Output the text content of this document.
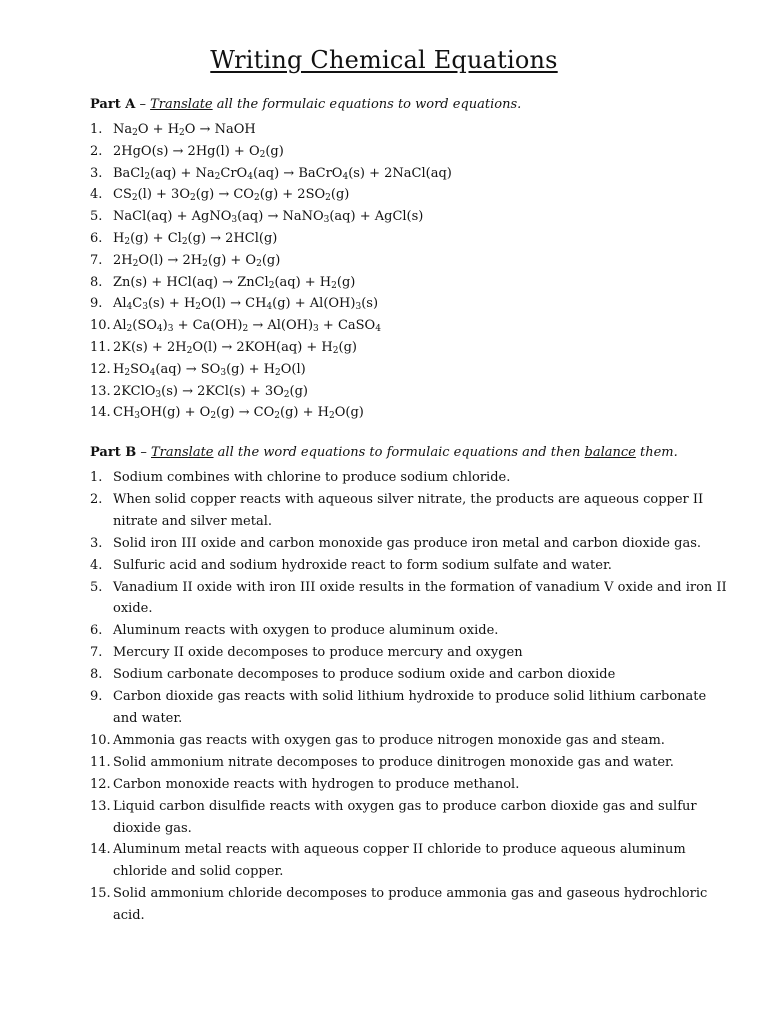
Writing Chemical Equations
Part A – Translate all the formulaic equations to word equations.
1. $Na_2O + H_2O$ → NaOH
2. $2HgO(s) \to 2Hg(l) + O_2(g)$
3. BaCl$_2$(aq) + $Na_2CrO_4(aq)$ → BaCrO$_4$(s) + 2NaCl(aq)
4. $CS_2(l) + 3O_2(g) \to CO_2(g) + 2SO_2(g)$
5. NaCl(aq) + AgNO$_3$(aq) → NaNO$_3$(aq) + AgCl(s)
6. $H_2(g) + Cl_2(g) \to 2HCl(g)$
7. $2H_2O(l) \to 2H_2(g) + O_2(g)$
8. Zn(s) + HCl(aq) → ZnCl$_2$(aq) + $H_2(g)$
9. $Al_4C_3(s) + H_2O(l) \to CH_4(g) + Al(OH)_3(s)$
10. $Al_2(SO_4)_3 + Ca(OH)_2 \to Al(OH)_3$ + CaSO$_4$
11. $2K(s) + 2H_2O(l) \to 2KOH(aq) + H_2(g)$
12. $H_2SO_4(aq) \to SO_3(g) + H_2O(l)$
13. 2KClO$_3$(s) → $2KCl(s) + 3O_2(g)$
14. $CH_3OH(g) + O_2(g) \to CO_2(g) + H_2O(g)$
Part B – Translate all the word equations to formulaic equations and then balance them.
1. Sodium combines with chlorine to produce sodium chloride.
2. When solid copper reacts with aqueous silver nitrate, the products are aqueous copper II nitrate and silver metal.
3. Solid iron III oxide and carbon monoxide gas produce iron metal and carbon dioxide gas.
4. Sulfuric acid and sodium hydroxide react to form sodium sulfate and water.
5. Vanadium II oxide with iron III oxide results in the formation of vanadium V oxide and iron II oxide.
6. Aluminum reacts with oxygen to produce aluminum oxide.
7. Mercury II oxide decomposes to produce mercury and oxygen
8. Sodium carbonate decomposes to produce sodium oxide and carbon dioxide
9. Carbon dioxide gas reacts with solid lithium hydroxide to produce solid lithium carbonate and water.
10. Ammonia gas reacts with oxygen gas to produce nitrogen monoxide gas and steam.
11. Solid ammonium nitrate decomposes to produce dinitrogen monoxide gas and water.
12. Carbon monoxide reacts with hydrogen to produce methanol.
13. Liquid carbon disulfide reacts with oxygen gas to produce carbon dioxide gas and sulfur dioxide gas.
14. Aluminum metal reacts with aqueous copper II chloride to produce aqueous aluminum chloride and solid copper.
15. Solid ammonium chloride decomposes to produce ammonia gas and gaseous hydrochloric acid.
